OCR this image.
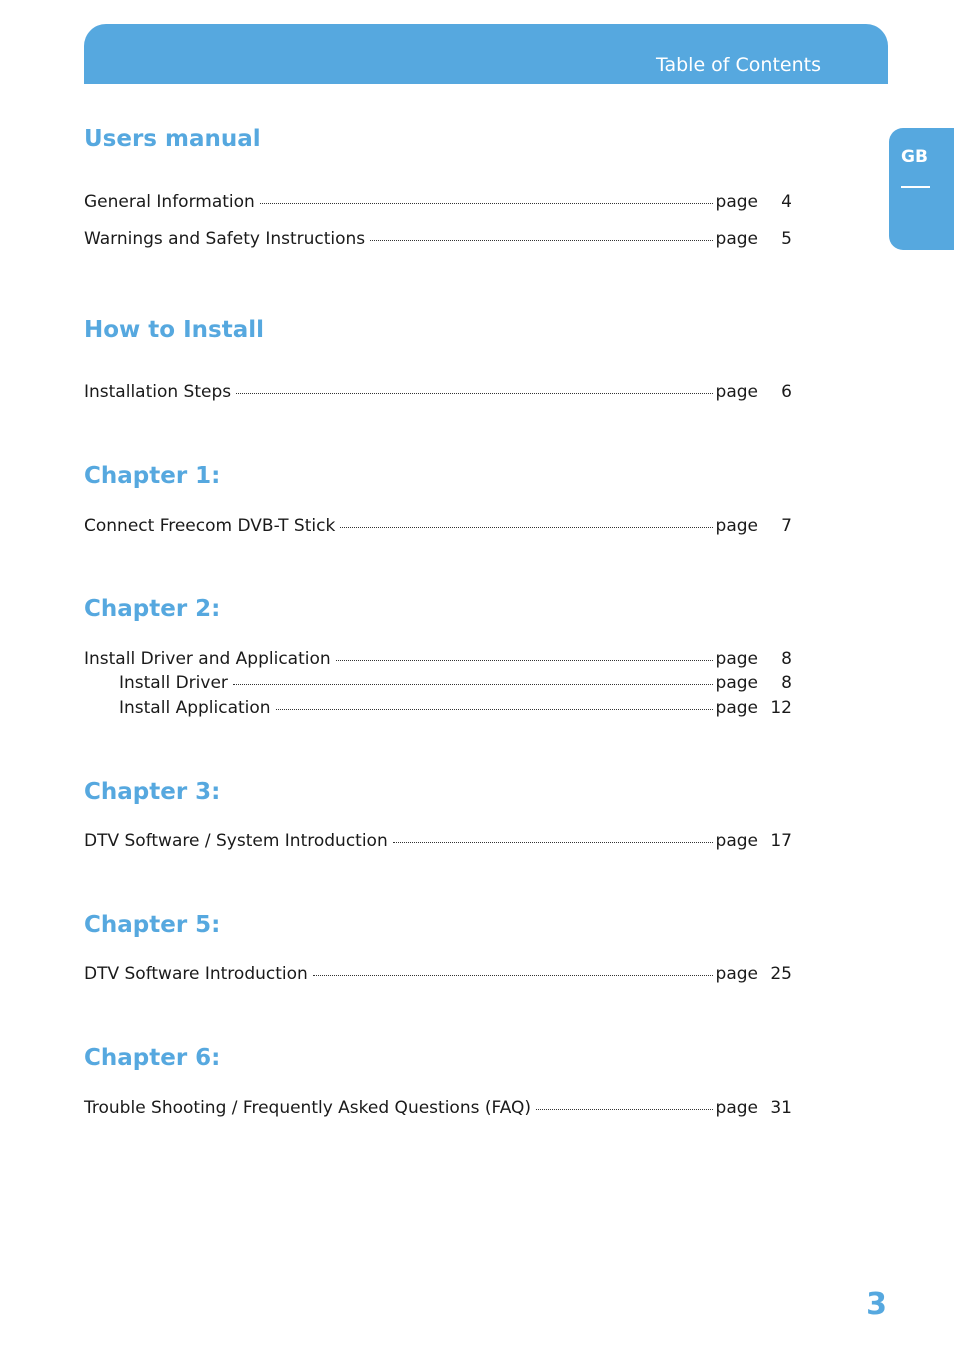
Table of Contents
GB
Users manual
General Information	page	4
Warnings and Safety Instructions	page	5
How to Install
Installation Steps	page	6
Chapter 1:
Connect Freecom DVB-T Stick	page	7
Chapter 2:
Install Driver and Application	page	8
Install Driver	page	8
Install Application	page 12
Chapter 3:
DTV Software / System Introduction	page 17
Chapter 5:
DTV Software Introduction	page 25
Chapter 6:
Trouble Shooting / Frequently Asked Questions (FAQ)	page 31
3
